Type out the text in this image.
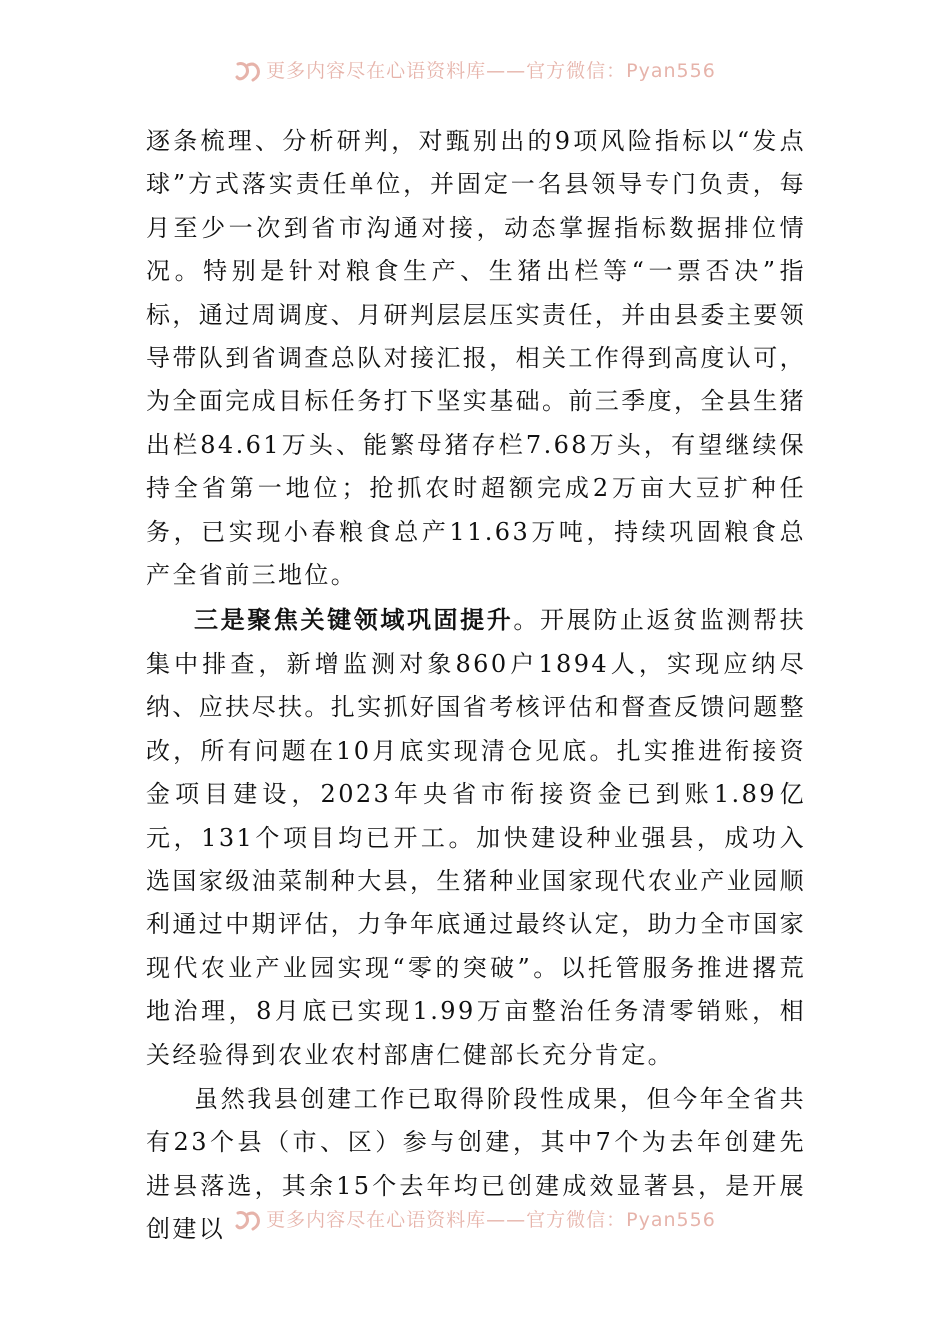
更多内容尽在心语资料库——官方微信：Pyan556

逐条梳理、分析研判，对甄别出的9项风险指标以“发点球”方式落实责任单位，并固定一名县领导专门负责，每月至少一次到省市沟通对接，动态掌握指标数据排位情况。特别是针对粮食生产、生猪出栏等“一票否决”指标，通过周调度、月研判层层压实责任，并由县委主要领导带队到省调查总队对接汇报，相关工作得到高度认可，为全面完成目标任务打下坚实基础。前三季度，全县生猪出栏84.61万头、能繁母猪存栏7.68万头，有望继续保持全省第一地位；抢抓农时超额完成2万亩大豆扩种任务，已实现小春粮食总产11.63万吨，持续巩固粮食总产全省前三地位。

三是聚焦关键领域巩固提升。开展防止返贫监测帮扶集中排查，新增监测对象860户1894人，实现应纳尽纳、应扶尽扶。扎实抓好国省考核评估和督查反馈问题整改，所有问题在10月底实现清仓见底。扎实推进衔接资金项目建设，2023年央省市衔接资金已到账1.89亿元，131个项目均已开工。加快建设种业强县，成功入选国家级油菜制种大县，生猪种业国家现代农业产业园顺利通过中期评估，力争年底通过最终认定，助力全市国家现代农业产业园实现“零的突破”。以托管服务推进撂荒地治理，8月底已实现1.99万亩整治任务清零销账，相关经验得到农业农村部唐仁健部长充分肯定。

虽然我县创建工作已取得阶段性成果，但今年全省共有23个县（市、区）参与创建，其中7个为去年创建先进县落选，其余15个去年均已创建成效显著县，是开展创建以	更多内容尽在心语资料库——官方微信：Pyan556
